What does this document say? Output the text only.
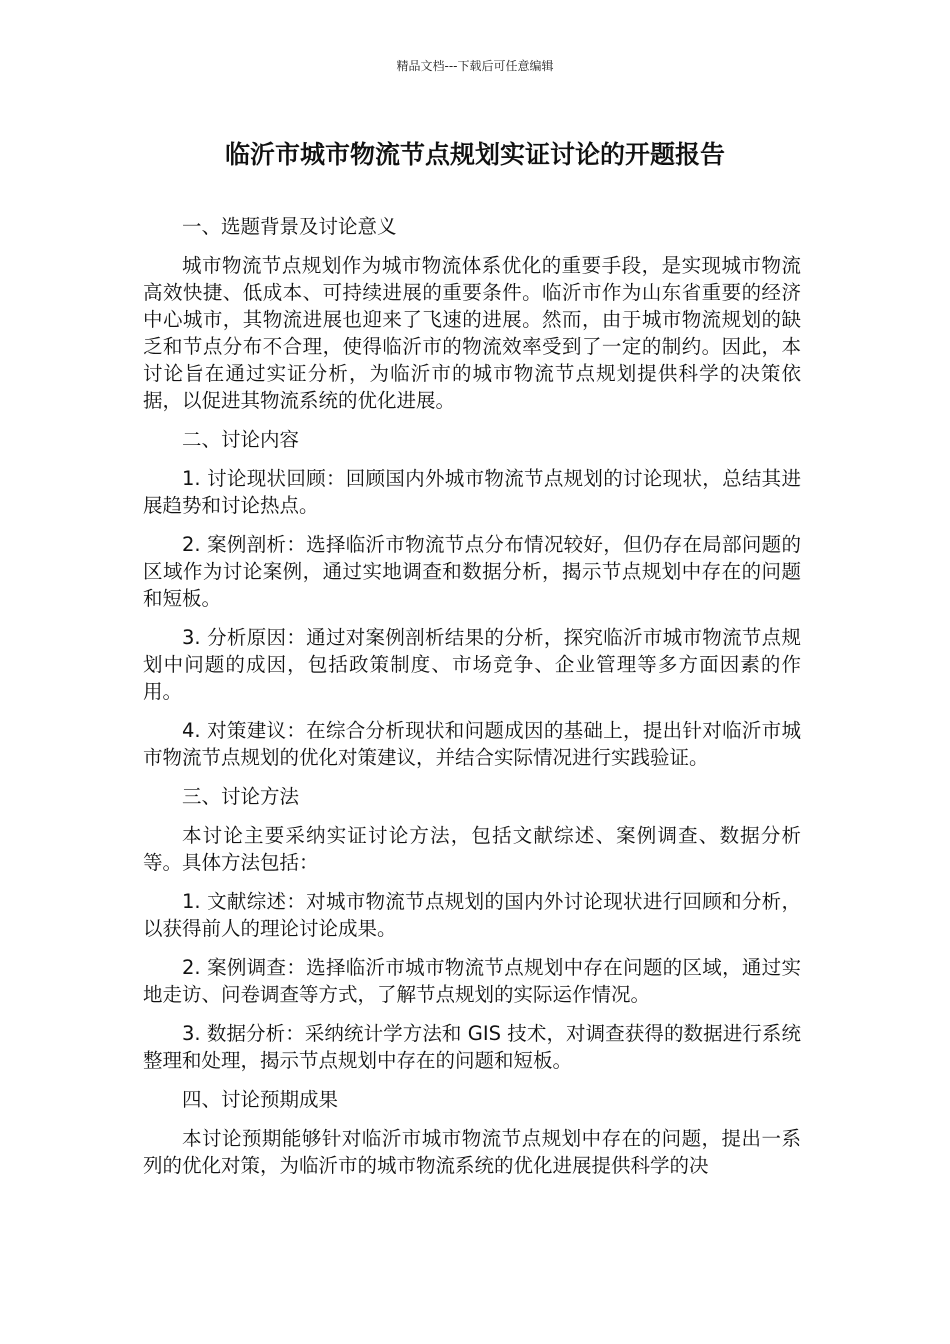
精品文档---下载后可任意编辑
临沂市城市物流节点规划实证讨论的开题报告

一、选题背景及讨论意义

城市物流节点规划作为城市物流体系优化的重要手段，是实现城市物流高效快捷、低成本、可持续进展的重要条件。临沂市作为山东省重要的经济中心城市，其物流进展也迎来了飞速的进展。然而，由于城市物流规划的缺乏和节点分布不合理，使得临沂市的物流效率受到了一定的制约。因此，本讨论旨在通过实证分析，为临沂市的城市物流节点规划提供科学的决策依据，以促进其物流系统的优化进展。

二、讨论内容

1. 讨论现状回顾：回顾国内外城市物流节点规划的讨论现状，总结其进展趋势和讨论热点。

2. 案例剖析：选择临沂市物流节点分布情况较好，但仍存在局部问题的区域作为讨论案例，通过实地调查和数据分析，揭示节点规划中存在的问题和短板。

3. 分析原因：通过对案例剖析结果的分析，探究临沂市城市物流节点规划中问题的成因，包括政策制度、市场竞争、企业管理等多方面因素的作用。

4. 对策建议：在综合分析现状和问题成因的基础上，提出针对临沂市城市物流节点规划的优化对策建议，并结合实际情况进行实践验证。

三、讨论方法

本讨论主要采纳实证讨论方法，包括文献综述、案例调查、数据分析等。具体方法包括：

1. 文献综述：对城市物流节点规划的国内外讨论现状进行回顾和分析，以获得前人的理论讨论成果。

2. 案例调查：选择临沂市城市物流节点规划中存在问题的区域，通过实地走访、问卷调查等方式，了解节点规划的实际运作情况。

3. 数据分析：采纳统计学方法和 GIS 技术，对调查获得的数据进行系统整理和处理，揭示节点规划中存在的问题和短板。

四、讨论预期成果

本讨论预期能够针对临沂市城市物流节点规划中存在的问题，提出一系列的优化对策，为临沂市的城市物流系统的优化进展提供科学的决
